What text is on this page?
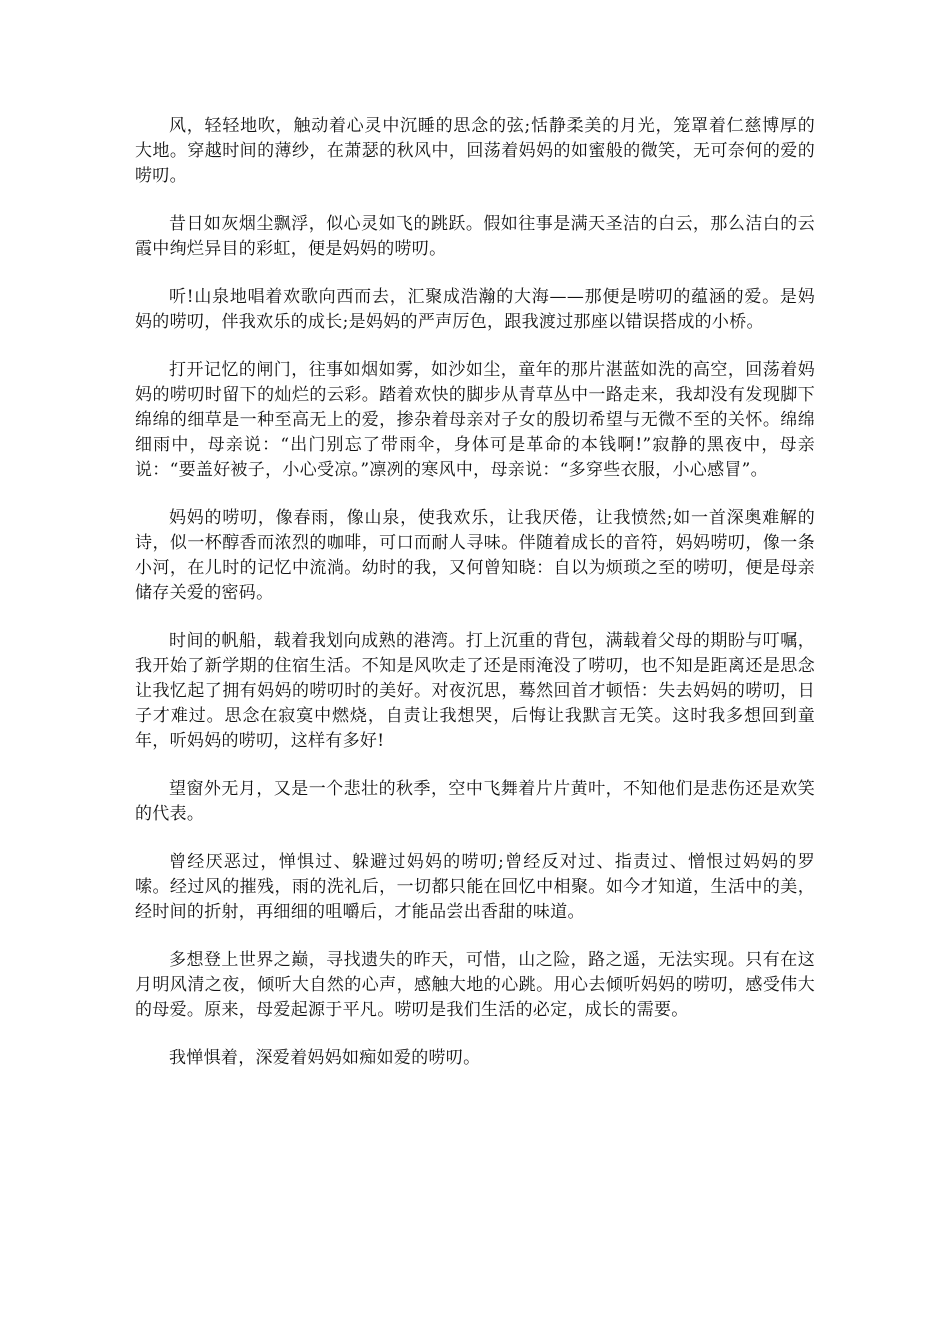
风，轻轻地吹，触动着心灵中沉睡的思念的弦;恬静柔美的月光，笼罩着仁慈博厚的大地。穿越时间的薄纱，在萧瑟的秋风中，回荡着妈妈的如蜜般的微笑，无可奈何的爱的唠叨。

昔日如灰烟尘飘浮，似心灵如飞的跳跃。假如往事是满天圣洁的白云，那么洁白的云霞中绚烂异目的彩虹，便是妈妈的唠叨。

听!山泉地唱着欢歌向西而去，汇聚成浩瀚的大海——那便是唠叨的蕴涵的爱。是妈妈的唠叨，伴我欢乐的成长;是妈妈的严声厉色，跟我渡过那座以错误搭成的小桥。

打开记忆的闸门，往事如烟如雾，如沙如尘，童年的那片湛蓝如洗的高空，回荡着妈妈的唠叨时留下的灿烂的云彩。踏着欢快的脚步从青草丛中一路走来，我却没有发现脚下绵绵的细草是一种至高无上的爱，掺杂着母亲对子女的殷切希望与无微不至的关怀。绵绵细雨中，母亲说：“出门别忘了带雨伞，身体可是革命的本钱啊!”寂静的黑夜中，母亲说：“要盖好被子，小心受凉。”凛冽的寒风中，母亲说：“多穿些衣服，小心感冒”。

妈妈的唠叨，像春雨，像山泉，使我欢乐，让我厌倦，让我愤然;如一首深奥难解的诗，似一杯醇香而浓烈的咖啡，可口而耐人寻味。伴随着成长的音符，妈妈唠叨，像一条小河，在儿时的记忆中流淌。幼时的我，又何曾知晓：自以为烦琐之至的唠叨，便是母亲储存关爱的密码。

时间的帆船，载着我划向成熟的港湾。打上沉重的背包，满载着父母的期盼与叮嘱，我开始了新学期的住宿生活。不知是风吹走了还是雨淹没了唠叨，也不知是距离还是思念让我忆起了拥有妈妈的唠叨时的美好。对夜沉思，蓦然回首才顿悟：失去妈妈的唠叨，日子才难过。思念在寂寞中燃烧，自责让我想哭，后悔让我默言无笑。这时我多想回到童年，听妈妈的唠叨，这样有多好!

望窗外无月，又是一个悲壮的秋季，空中飞舞着片片黄叶，不知他们是悲伤还是欢笑的代表。

曾经厌恶过，惮惧过、躲避过妈妈的唠叨;曾经反对过、指责过、憎恨过妈妈的罗嗦。经过风的摧残，雨的洗礼后，一切都只能在回忆中相聚。如今才知道，生活中的美，经时间的折射，再细细的咀嚼后，才能品尝出香甜的味道。

多想登上世界之巅，寻找遗失的昨天，可惜，山之险，路之遥，无法实现。只有在这月明风清之夜，倾听大自然的心声，感触大地的心跳。用心去倾听妈妈的唠叨，感受伟大的母爱。原来，母爱起源于平凡。唠叨是我们生活的必定，成长的需要。

我惮惧着，深爱着妈妈如痴如爱的唠叨。
